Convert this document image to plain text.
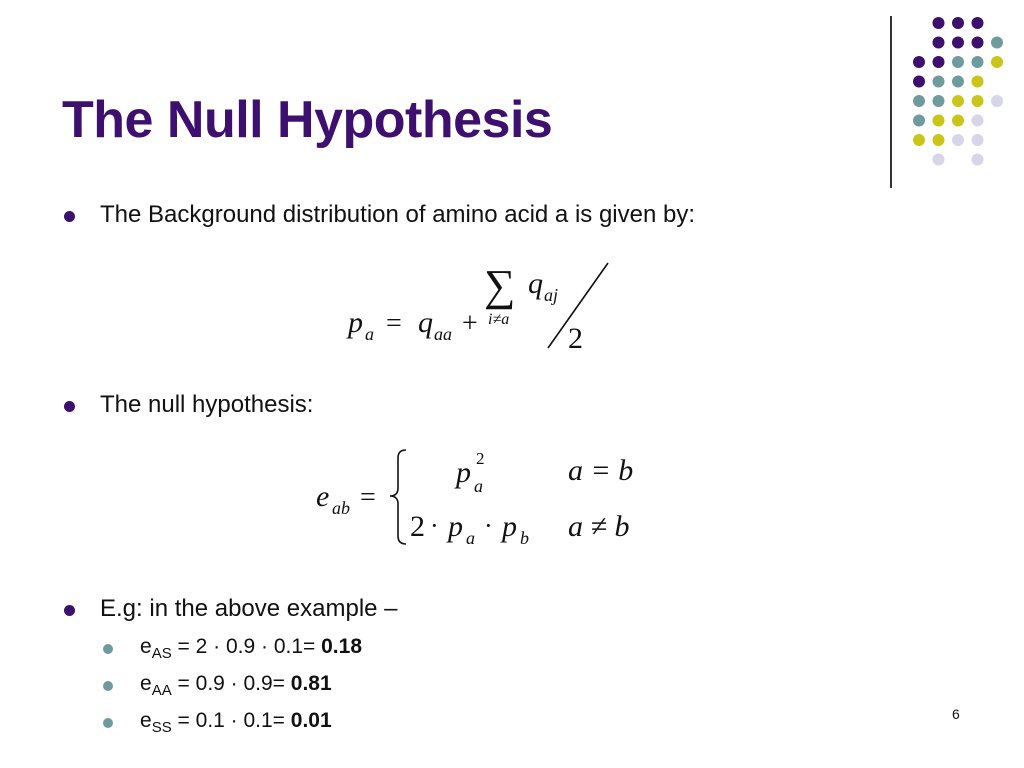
The Null Hypothesis
The Background distribution of amino acid a is given by:
p a = q aa +
∑ q aj
i≠a
2
The null hypothesis:
e ab =
p 2
a	a = b
2 · p a · p b a ≠ b
E.g: in the above example –
$e_{AS} = 2 \cdot 0.9 \cdot 0.1= 0.18$
$e_{AA} = 0.9 \cdot 0.9= 0.81$
$e_{SS} = 0.1 \cdot 0.1= 0.01$	6
